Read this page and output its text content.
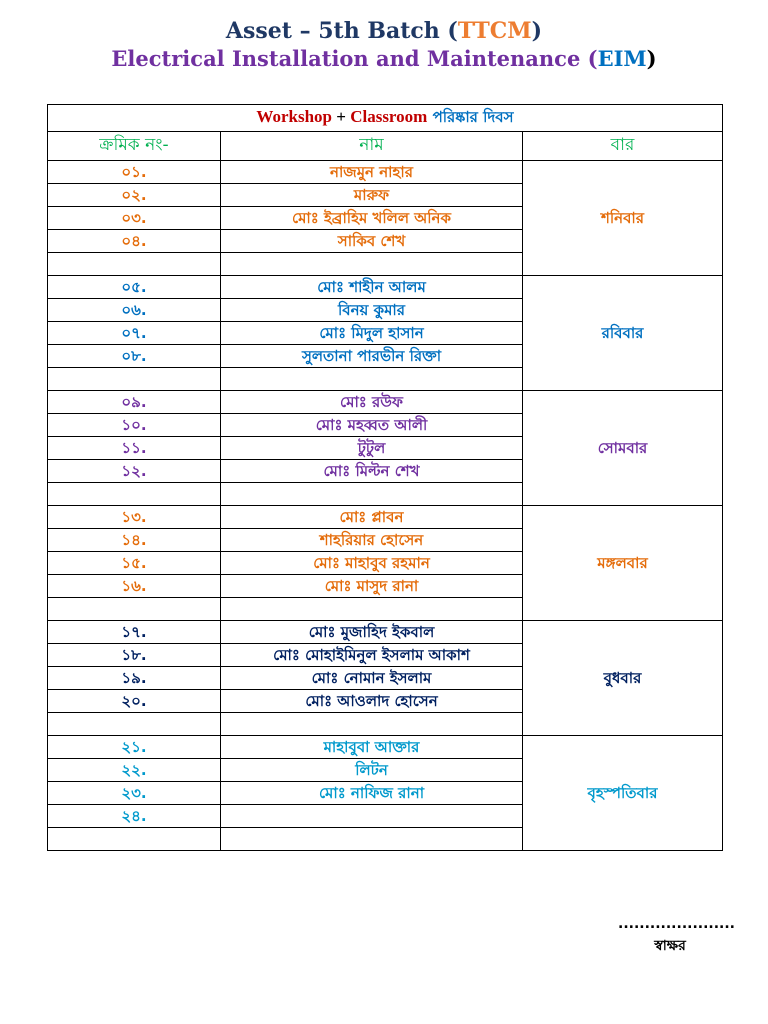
Asset – 5th Batch (TTCM)
Electrical Installation and Maintenance (EIM)
Workshop + Classroom পরিষ্কার দিবস		
ক্রমিক নং-	নাম	বার
০১.	নাজমুন নাহার	শনিবার
০২.	মারুফ	
০৩.	মোঃ ইব্রাহিম খলিল অনিক	
০৪.	সাকিব শেখ	

০৫.	মোঃ শাহীন আলম	রবিবার
০৬.	বিনয় কুমার	
০৭.	মোঃ মিদুল হাসান	
০৮.	সুলতানা পারভীন রিক্তা	

০৯.	মোঃ রউফ	সোমবার
১০.	মোঃ মহব্বত আলী	
১১.	টুটুল	
১২.	মোঃ মিল্টন শেখ	

১৩.	মোঃ প্লাবন	মঙ্গলবার
১৪.	শাহরিয়ার হোসেন	
১৫.	মোঃ মাহাবুব রহমান	
১৬.	মোঃ মাসুদ রানা	

১৭.	মোঃ মুজাহিদ ইকবাল	বুধবার
১৮.	মোঃ মোহাইমিনুল ইসলাম আকাশ	
১৯.	মোঃ নোমান ইসলাম	
২০.	মোঃ আওলাদ হোসেন	

২১.	মাহাবুবা আক্তার	বৃহস্পতিবার
২২.	লিটন	
২৩.	মোঃ নাফিজ রানা	
২৪.		

......................
স্বাক্ষর
